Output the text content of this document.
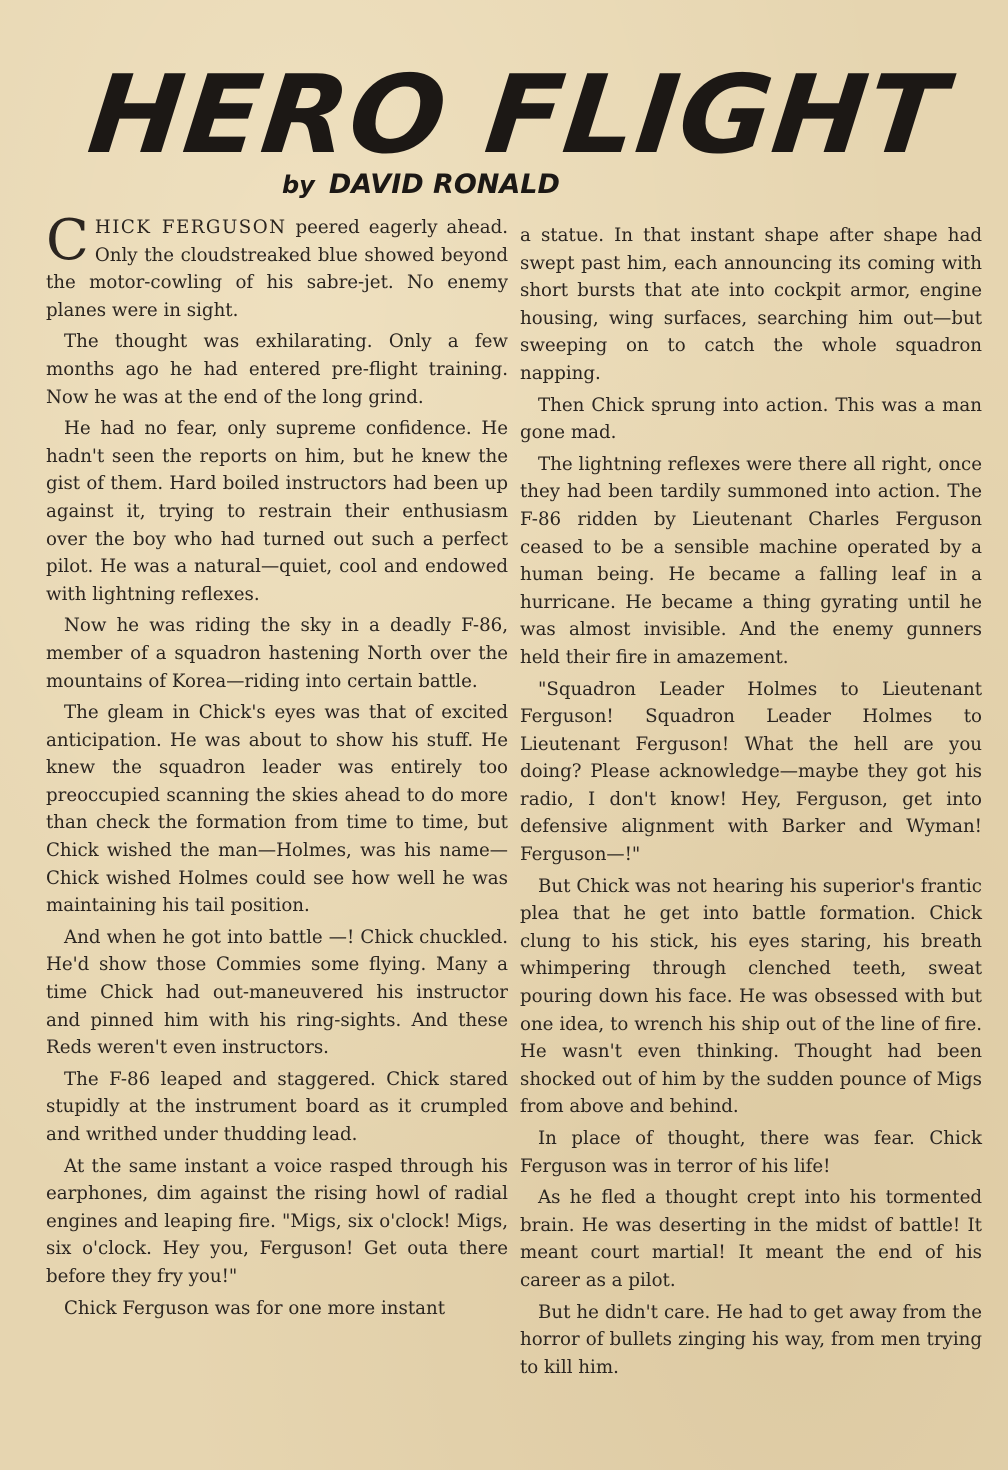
HERO FLIGHT
by DAVID RONALD

CHICK FERGUSON peered eagerly ahead. Only the cloudstreaked blue showed beyond the motor-cowling of his sabre-jet. No enemy planes were in sight.

The thought was exhilarating. Only a few months ago he had entered pre-flight training. Now he was at the end of the long grind.

He had no fear, only supreme confidence. He hadn't seen the reports on him, but he knew the gist of them. Hard boiled instructors had been up against it, trying to restrain their enthusiasm over the boy who had turned out such a perfect pilot. He was a natural—quiet, cool and endowed with lightning reflexes.

Now he was riding the sky in a deadly F-86, member of a squadron hastening North over the mountains of Korea—riding into certain battle.

The gleam in Chick's eyes was that of excited anticipation. He was about to show his stuff. He knew the squadron leader was entirely too preoccupied scanning the skies ahead to do more than check the formation from time to time, but Chick wished the man—Holmes, was his name—Chick wished Holmes could see how well he was maintaining his tail position.

And when he got into battle —! Chick chuckled. He'd show those Commies some flying. Many a time Chick had out-maneuvered his instructor and pinned him with his ring-sights. And these Reds weren't even instructors.

The F-86 leaped and staggered. Chick stared stupidly at the instrument board as it crumpled and writhed under thudding lead.

At the same instant a voice rasped through his earphones, dim against the rising howl of radial engines and leaping fire. "Migs, six o'clock! Migs, six o'clock. Hey you, Ferguson! Get outa there before they fry you!"

Chick Ferguson was for one more instant

a statue. In that instant shape after shape had swept past him, each announcing its coming with short bursts that ate into cockpit armor, engine housing, wing surfaces, searching him out—but sweeping on to catch the whole squadron napping.

Then Chick sprung into action. This was a man gone mad.

The lightning reflexes were there all right, once they had been tardily summoned into action. The F-86 ridden by Lieutenant Charles Ferguson ceased to be a sensible machine operated by a human being. He became a falling leaf in a hurricane. He became a thing gyrating until he was almost invisible. And the enemy gunners held their fire in amazement.

"Squadron Leader Holmes to Lieutenant Ferguson! Squadron Leader Holmes to Lieutenant Ferguson! What the hell are you doing? Please acknowledge—maybe they got his radio, I don't know! Hey, Ferguson, get into defensive alignment with Barker and Wyman! Ferguson—!"

But Chick was not hearing his superior's frantic plea that he get into battle formation. Chick clung to his stick, his eyes staring, his breath whimpering through clenched teeth, sweat pouring down his face. He was obsessed with but one idea, to wrench his ship out of the line of fire. He wasn't even thinking. Thought had been shocked out of him by the sudden pounce of Migs from above and behind.

In place of thought, there was fear. Chick Ferguson was in terror of his life!

As he fled a thought crept into his tormented brain. He was deserting in the midst of battle! It meant court martial! It meant the end of his career as a pilot.

But he didn't care. He had to get away from the horror of bullets zinging his way, from men trying to kill him.
